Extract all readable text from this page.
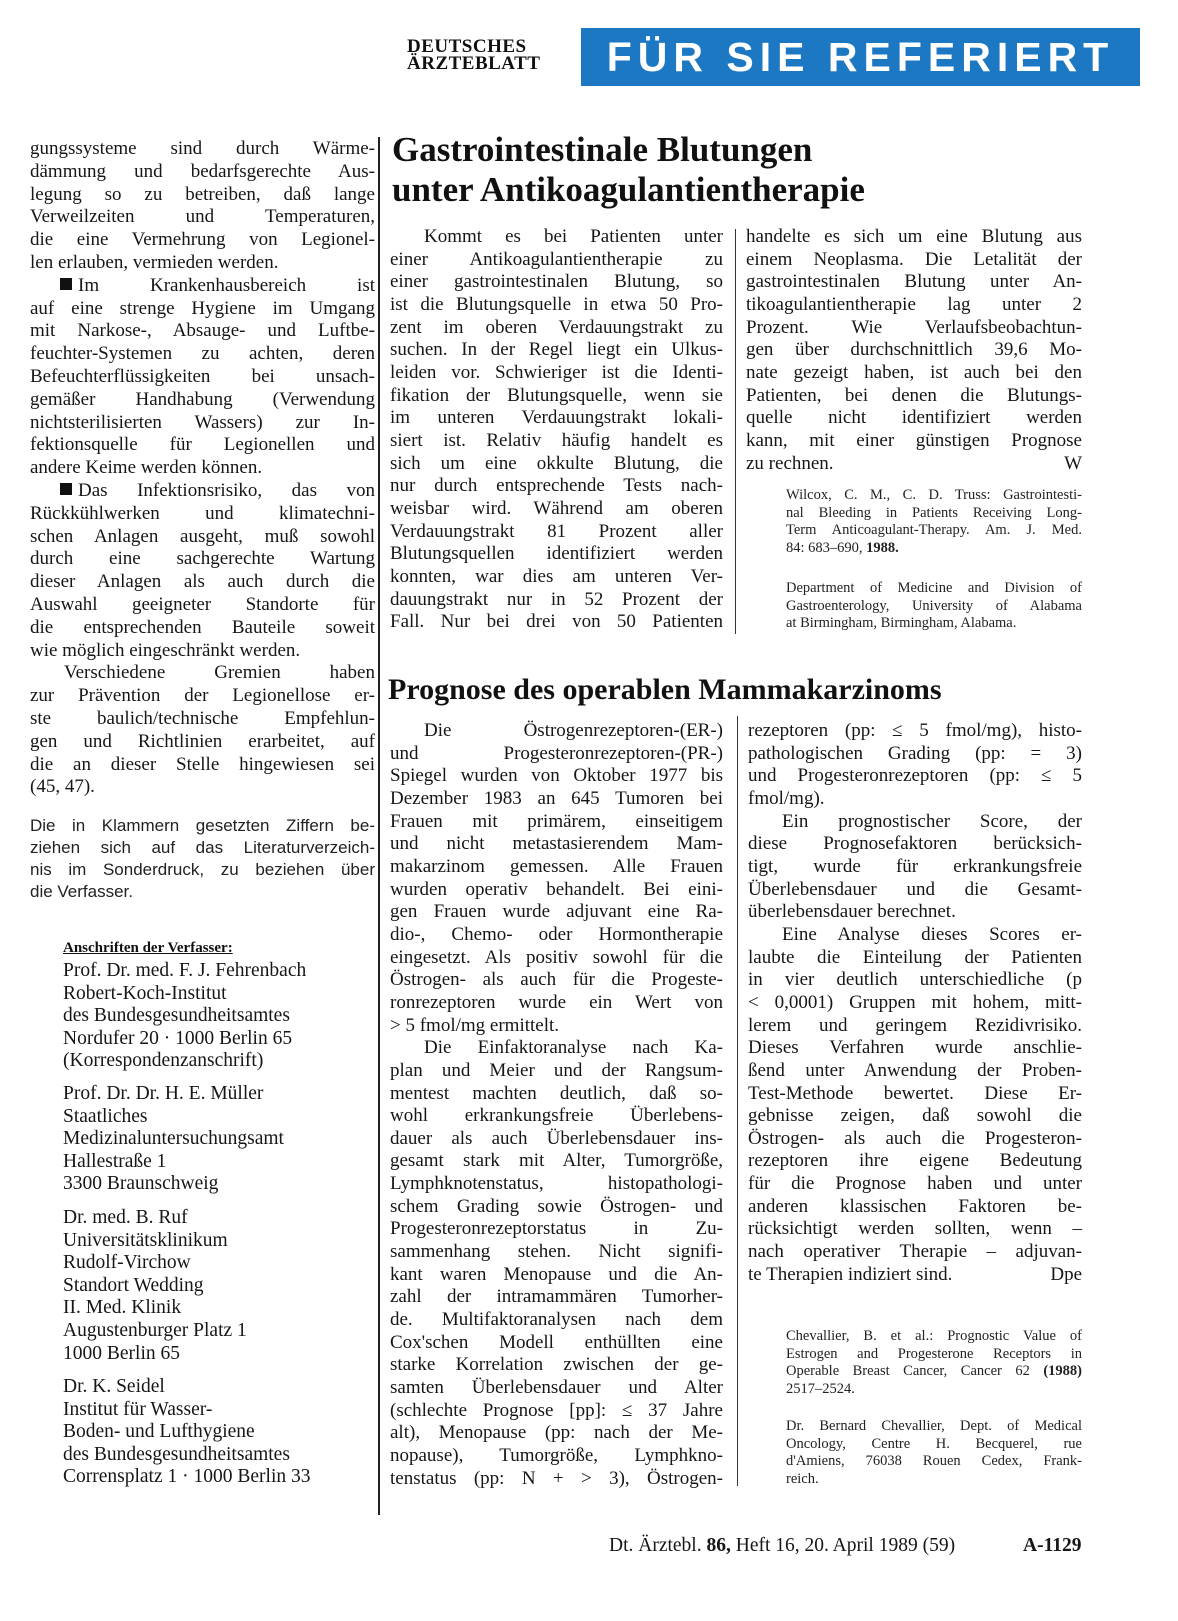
DEUTSCHES
ÄRZTEBLATT	FÜR SIE REFERIERT

gungssysteme sind durch Wärme-
dämmung und bedarfsgerechte Aus-
legung so zu betreiben, daß lange
Verweilzeiten und Temperaturen,
die eine Vermehrung von Legionel-
len erlauben, vermieden werden.

Im Krankenhausbereich ist
auf eine strenge Hygiene im Umgang
mit Narkose-, Absauge- und Luftbe-
feuchter-Systemen zu achten, deren
Befeuchterflüssigkeiten bei unsach-
gemäßer Handhabung (Verwendung
nichtsterilisierten Wassers) zur In-
fektionsquelle für Legionellen und
andere Keime werden können.

Das Infektionsrisiko, das von
Rückkühlwerken und klimatechni-
schen Anlagen ausgeht, muß sowohl
durch eine sachgerechte Wartung
dieser Anlagen als auch durch die
Auswahl geeigneter Standorte für
die entsprechenden Bauteile soweit
wie möglich eingeschränkt werden.

Verschiedene Gremien haben
zur Prävention der Legionellose er-
ste baulich/technische Empfehlun-
gen und Richtlinien erarbeitet, auf
die an dieser Stelle hingewiesen sei
(45, 47).

Die in Klammern gesetzten Ziffern be-
ziehen sich auf das Literaturverzeich-
nis im Sonderdruck, zu beziehen über
die Verfasser.
Anschriften der Verfasser:
Prof. Dr. med. F. J. Fehrenbach
Robert-Koch-Institut
des Bundesgesundheitsamtes
Nordufer 20 · 1000 Berlin 65
(Korrespondenzanschrift)
Prof. Dr. Dr. H. E. Müller
Staatliches
Medizinaluntersuchungsamt
Hallestraße 1
3300 Braunschweig
Dr. med. B. Ruf
Universitätsklinikum
Rudolf-Virchow
Standort Wedding
II. Med. Klinik
Augustenburger Platz 1
1000 Berlin 65
Dr. K. Seidel
Institut für Wasser-
Boden- und Lufthygiene
des Bundesgesundheitsamtes
Corrensplatz 1 · 1000 Berlin 33
Gastrointestinale Blutungen
unter Antikoagulantientherapie
Kommt es bei Patienten unter
einer Antikoagulantientherapie zu
einer gastrointestinalen Blutung, so
ist die Blutungsquelle in etwa 50 Pro-
zent im oberen Verdauungstrakt zu
suchen. In der Regel liegt ein Ulkus-
leiden vor. Schwieriger ist die Identi-
fikation der Blutungsquelle, wenn sie
im unteren Verdauungstrakt lokali-
siert ist. Relativ häufig handelt es
sich um eine okkulte Blutung, die
nur durch entsprechende Tests nach-
weisbar wird. Während am oberen
Verdauungstrakt 81 Prozent aller
Blutungsquellen identifiziert werden
konnten, war dies am unteren Ver-
dauungstrakt nur in 52 Prozent der
Fall. Nur bei drei von 50 Patienten
handelte es sich um eine Blutung aus
einem Neoplasma. Die Letalität der
gastrointestinalen Blutung unter An-
tikoagulantientherapie lag unter 2
Prozent. Wie Verlaufsbeobachtun-
gen über durchschnittlich 39,6 Mo-
nate gezeigt haben, ist auch bei den
Patienten, bei denen die Blutungs-
quelle nicht identifiziert werden
kann, mit einer günstigen Prognose
zu rechnen.	W
Wilcox, C. M., C. D. Truss: Gastrointesti-
nal Bleeding in Patients Receiving Long-
Term Anticoagulant-Therapy. Am. J. Med.
84: 683–690, 1988.
Department of Medicine and Division of
Gastroenterology, University of Alabama
at Birmingham, Birmingham, Alabama.
Prognose des operablen Mammakarzinoms
Die Östrogenrezeptoren-(ER-)
und Progesteronrezeptoren-(PR-)
Spiegel wurden von Oktober 1977 bis
Dezember 1983 an 645 Tumoren bei
Frauen mit primärem, einseitigem
und nicht metastasierendem Mam-
makarzinom gemessen. Alle Frauen
wurden operativ behandelt. Bei eini-
gen Frauen wurde adjuvant eine Ra-
dio-, Chemo- oder Hormontherapie
eingesetzt. Als positiv sowohl für die
Östrogen- als auch für die Progeste-
ronrezeptoren wurde ein Wert von
> 5 fmol/mg ermittelt.
Die Einfaktoranalyse nach Ka-
plan und Meier und der Rangsum-
mentest machten deutlich, daß so-
wohl erkrankungsfreie Überlebens-
dauer als auch Überlebensdauer ins-
gesamt stark mit Alter, Tumorgröße,
Lymphknotenstatus, histopathologi-
schem Grading sowie Östrogen- und
Progesteronrezeptorstatus in Zu-
sammenhang stehen. Nicht signifi-
kant waren Menopause und die An-
zahl der intramammären Tumorher-
de. Multifaktoranalysen nach dem
Cox'schen Modell enthüllten eine
starke Korrelation zwischen der ge-
samten Überlebensdauer und Alter
(schlechte Prognose [pp]: ≤ 37 Jahre
alt), Menopause (pp: nach der Me-
nopause), Tumorgröße, Lymphkno-
tenstatus (pp: N + > 3), Östrogen-
rezeptoren (pp: ≤ 5 fmol/mg), histo-
pathologischen Grading (pp: = 3)
und Progesteronrezeptoren (pp: ≤ 5
fmol/mg).
Ein prognostischer Score, der
diese Prognosefaktoren berücksich-
tigt, wurde für erkrankungsfreie
Überlebensdauer und die Gesamt-
überlebensdauer berechnet.
Eine Analyse dieses Scores er-
laubte die Einteilung der Patienten
in vier deutlich unterschiedliche (p
< 0,0001) Gruppen mit hohem, mitt-
lerem und geringem Rezidivrisiko.
Dieses Verfahren wurde anschlie-
ßend unter Anwendung der Proben-
Test-Methode bewertet. Diese Er-
gebnisse zeigen, daß sowohl die
Östrogen- als auch die Progesteron-
rezeptoren ihre eigene Bedeutung
für die Prognose haben und unter
anderen klassischen Faktoren be-
rücksichtigt werden sollten, wenn –
nach operativer Therapie – adjuvan-
te Therapien indiziert sind.	Dpe
Chevallier, B. et al.: Prognostic Value of
Estrogen and Progesterone Receptors in
Operable Breast Cancer, Cancer 62 (1988)
2517–2524.
Dr. Bernard Chevallier, Dept. of Medical
Oncology, Centre H. Becquerel, rue
d'Amiens, 76038 Rouen Cedex, Frank-
reich.
Dt. Ärztebl. 86, Heft 16, 20. April 1989 (59)	A-1129
